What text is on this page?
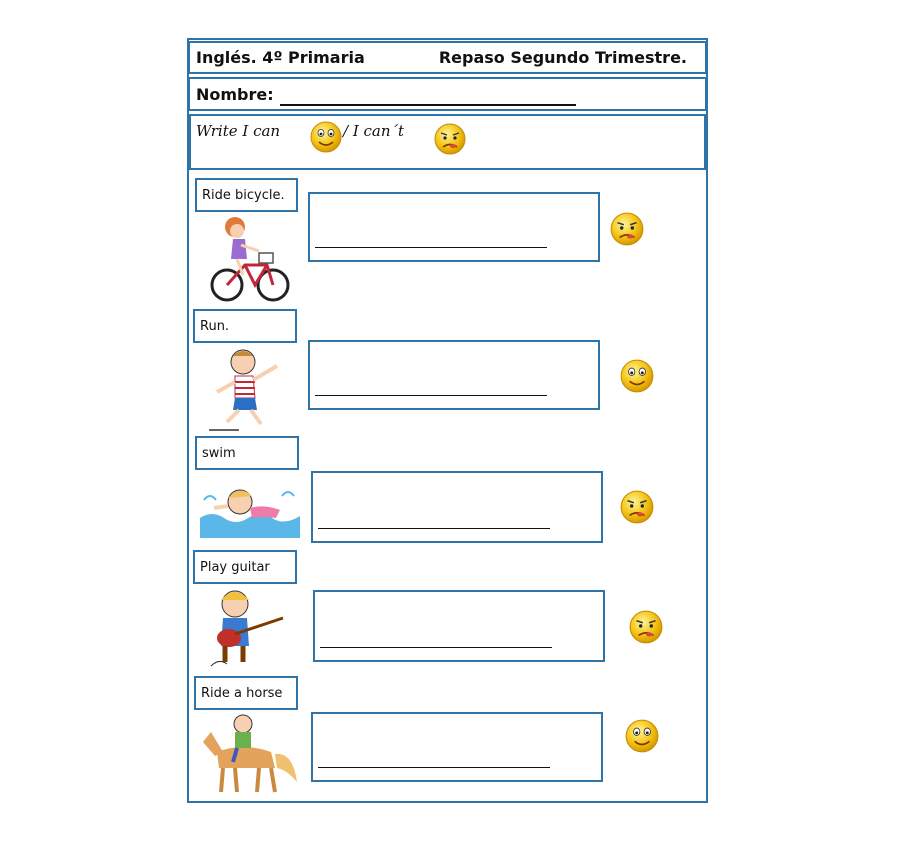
Inglés. 4º Primaria	Repaso Segundo Trimestre.
Nombre:
Write I can	/ I can´t
Ride bicycle.
Run.
swim
Play guitar
Ride a horse
